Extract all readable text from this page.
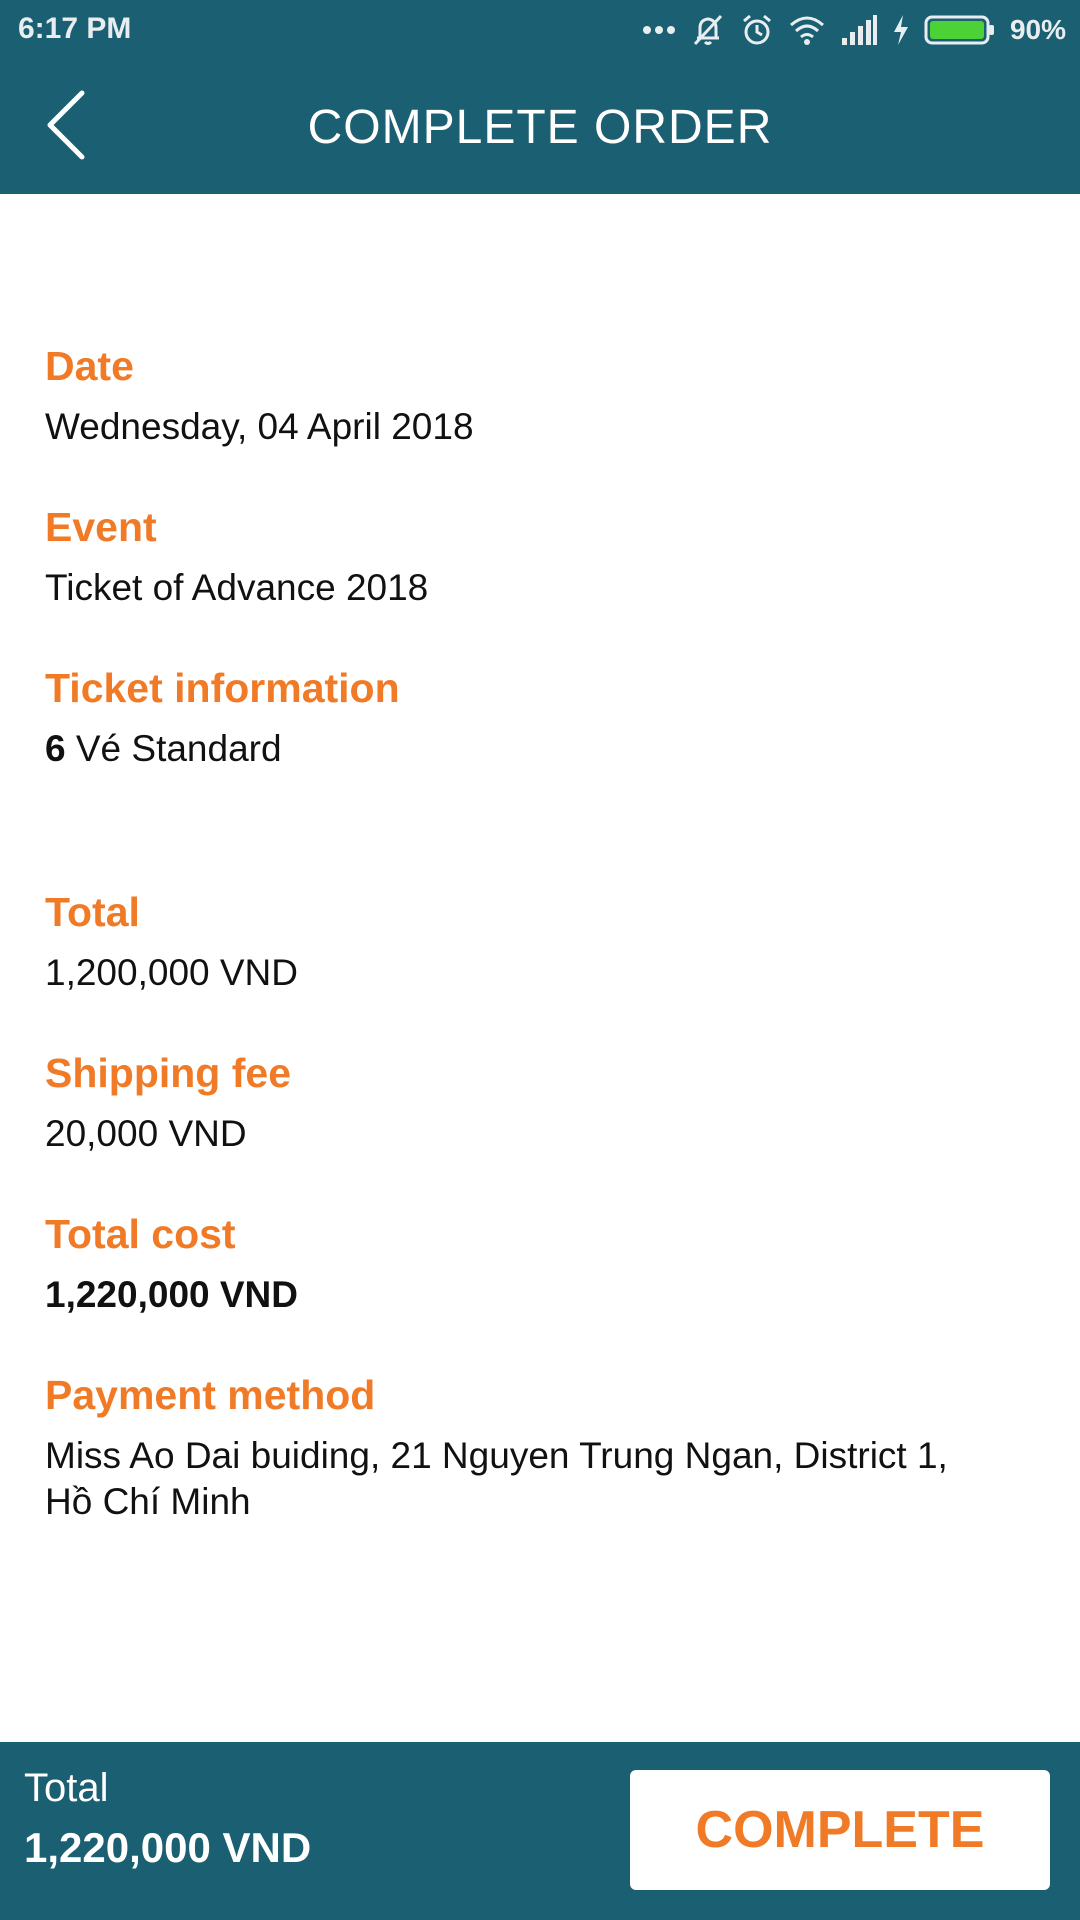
6:17 PM	90%
COMPLETE ORDER
Date
Wednesday, 04 April 2018
Event
Ticket of Advance 2018
Ticket information
6 Vé Standard
Total
1,200,000 VND
Shipping fee
20,000 VND
Total cost
1,220,000 VND
Payment method
Miss Ao Dai buiding, 21 Nguyen Trung Ngan, District 1,
Hồ Chí Minh
Total
1,220,000 VND	COMPLETE
